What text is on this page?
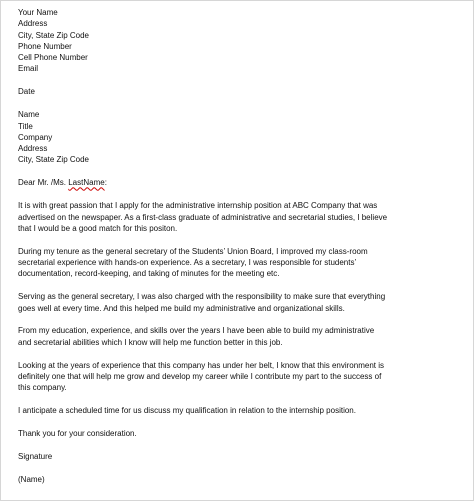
Your Name
Address
City, State Zip Code
Phone Number
Cell Phone Number
Email
Date
Name
Title
Company
Address
City, State Zip Code
Dear Mr. /Ms. LastName:
It is with great passion that I apply for the administrative internship position at ABC Company that was
advertised on the newspaper. As a first-class graduate of administrative and secretarial studies, I believe
that I would be a good match for this positon.
During my tenure as the general secretary of the Students’ Union Board, I improved my class-room
secretarial experience with hands-on experience. As a secretary, I was responsible for students’
documentation, record-keeping, and taking of minutes for the meeting etc.
Serving as the general secretary, I was also charged with the responsibility to make sure that everything
goes well at every time. And this helped me build my administrative and organizational skills.
From my education, experience, and skills over the years I have been able to build my administrative
and secretarial abilities which I know will help me function better in this job.
Looking at the years of experience that this company has under her belt, I know that this environment is
definitely one that will help me grow and develop my career while I contribute my part to the success of
this company.
I anticipate a scheduled time for us discuss my qualification in relation to the internship position.
Thank you for your consideration.
Signature
(Name)
